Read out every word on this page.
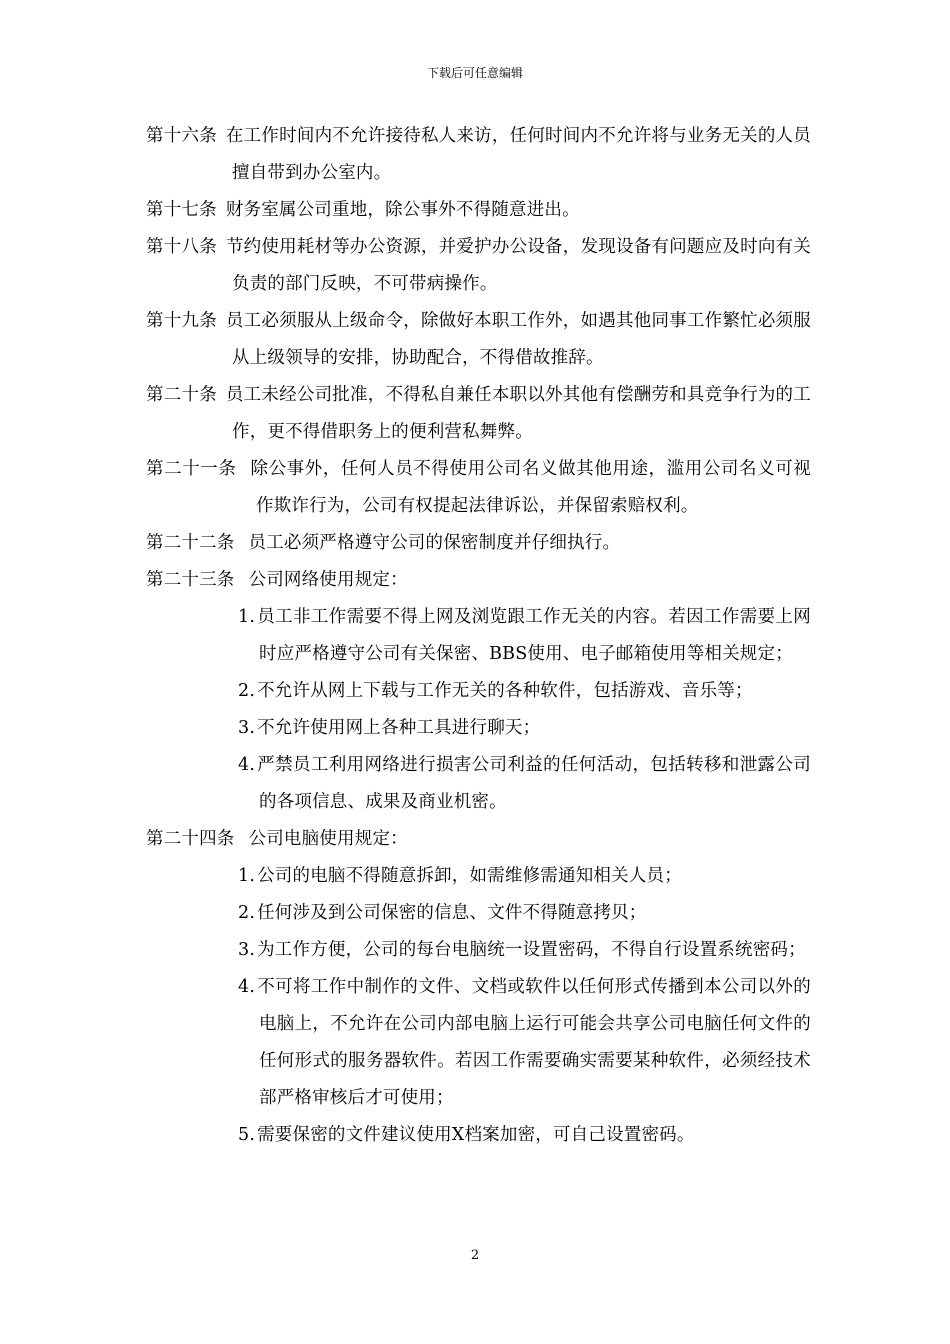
下载后可任意编辑
第十六条 在工作时间内不允许接待私人来访，任何时间内不允许将与业务无关的人员擅自带到办公室内。
第十七条 财务室属公司重地，除公事外不得随意进出。
第十八条 节约使用耗材等办公资源，并爱护办公设备，发现设备有问题应及时向有关负责的部门反映，不可带病操作。
第十九条 员工必须服从上级命令，除做好本职工作外，如遇其他同事工作繁忙必须服从上级领导的安排，协助配合，不得借故推辞。
第二十条 员工未经公司批准，不得私自兼任本职以外其他有偿酬劳和具竞争行为的工作，更不得借职务上的便利营私舞弊。
第二十一条 除公事外，任何人员不得使用公司名义做其他用途，滥用公司名义可视作欺诈行为，公司有权提起法律诉讼，并保留索赔权利。
第二十二条 员工必须严格遵守公司的保密制度并仔细执行。
第二十三条 公司网络使用规定：
1. 员工非工作需要不得上网及浏览跟工作无关的内容。若因工作需要上网时应严格遵守公司有关保密、BBS使用、电子邮箱使用等相关规定；
2. 不允许从网上下载与工作无关的各种软件，包括游戏、音乐等；
3. 不允许使用网上各种工具进行聊天；
4. 严禁员工利用网络进行损害公司利益的任何活动，包括转移和泄露公司的各项信息、成果及商业机密。
第二十四条 公司电脑使用规定：
1. 公司的电脑不得随意拆卸，如需维修需通知相关人员；
2. 任何涉及到公司保密的信息、文件不得随意拷贝；
3. 为工作方便，公司的每台电脑统一设置密码，不得自行设置系统密码；
4. 不可将工作中制作的文件、文档或软件以任何形式传播到本公司以外的电脑上，不允许在公司内部电脑上运行可能会共享公司电脑任何文件的任何形式的服务器软件。若因工作需要确实需要某种软件，必须经技术部严格审核后才可使用；
5. 需要保密的文件建议使用X档案加密，可自己设置密码。
2
